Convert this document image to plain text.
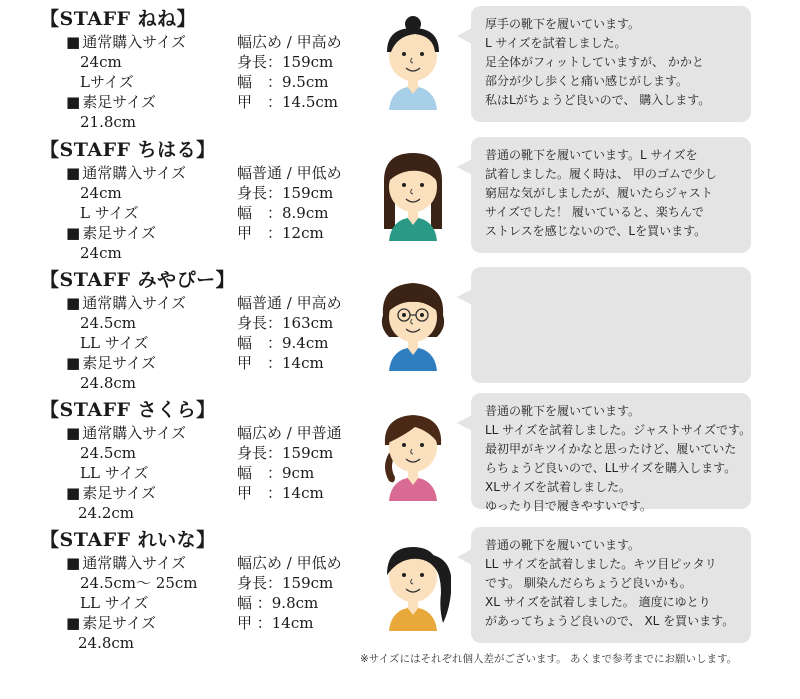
【STAFF ねね】
■ 通常購入サイズ
24cm
Lサイズ
■ 素足サイズ
21.8cm
幅広め / 甲高め
身長：159cm
幅　：9.5cm
甲　：14.5cm
厚手の靴下を履いています。
L サイズを試着しました。
足全体がフィットしていますが、 かかと
部分が少し歩くと痛い感じがします。
私はLがちょうど良いので、 購入します。
【STAFF ちはる】
■ 通常購入サイズ
24cm
L サイズ
■ 素足サイズ
24cm
幅普通 / 甲低め
身長：159cm
幅　：8.9cm
甲　：12cm
普通の靴下を履いています。L サイズを
試着しました。履く時は、 甲のゴムで少し
窮屈な気がしましたが、履いたらジャスト
サイズでした！ 履いていると、楽ちんで
ストレスを感じないので、Lを買います。
【STAFF みやぴー】
■ 通常購入サイズ
24.5cm
LL サイズ
■ 素足サイズ
24.8cm
幅普通 / 甲高め
身長：163cm
幅　：9.4cm
甲　：14cm
【STAFF さくら】
■ 通常購入サイズ
24.5cm
LL サイズ
■ 素足サイズ
24.2cm
幅広め / 甲普通
身長：159cm
幅　：9cm
甲　：14cm
普通の靴下を履いています。
LL サイズを試着しました。ジャストサイズです。
最初甲がキツイかなと思ったけど、履いていた
らちょうど良いので、LLサイズを購入します。
XLサイズを試着しました。
ゆったり目で履きやすいです。
【STAFF れいな】
■ 通常購入サイズ
24.5cm～ 25cm
LL サイズ
■ 素足サイズ
24.8cm
幅広め / 甲低め
身長：159cm
幅 ：9.8cm
甲 ：14cm
普通の靴下を履いています。
LL サイズを試着しました。キツ目ピッタリ
です。 馴染んだらちょうど良いかも。
XL サイズを試着しました。 適度にゆとり
があってちょうど良いので、 XL を買います。
※サイズにはそれぞれ個人差がございます。 あくまで参考までにお願いします。
